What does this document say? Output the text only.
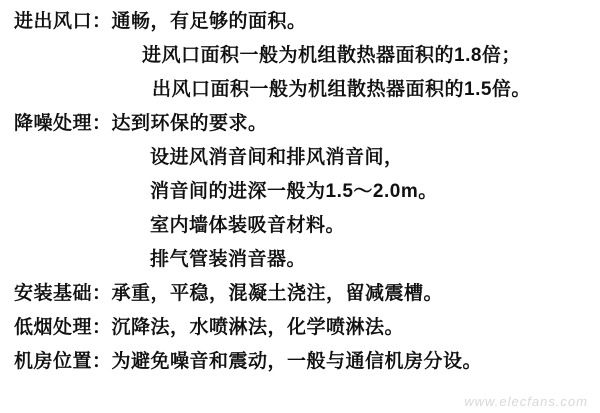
进出风口： 通畅，有足够的面积。
进风口面积一般为机组散热器面积的1.8倍；
出风口面积一般为机组散热器面积的1.5倍。
降噪处理： 达到环保的要求。
设进风消音间和排风消音间，
消音间的进深一般为1.5～2.0m。
室内墙体装吸音材料。
排气管装消音器。
安装基础： 承重，平稳，混凝土浇注，留减震槽。
低烟处理： 沉降法，水喷淋法，化学喷淋法。
机房位置： 为避免噪音和震动，一般与通信机房分设。
www.elecfans.com
